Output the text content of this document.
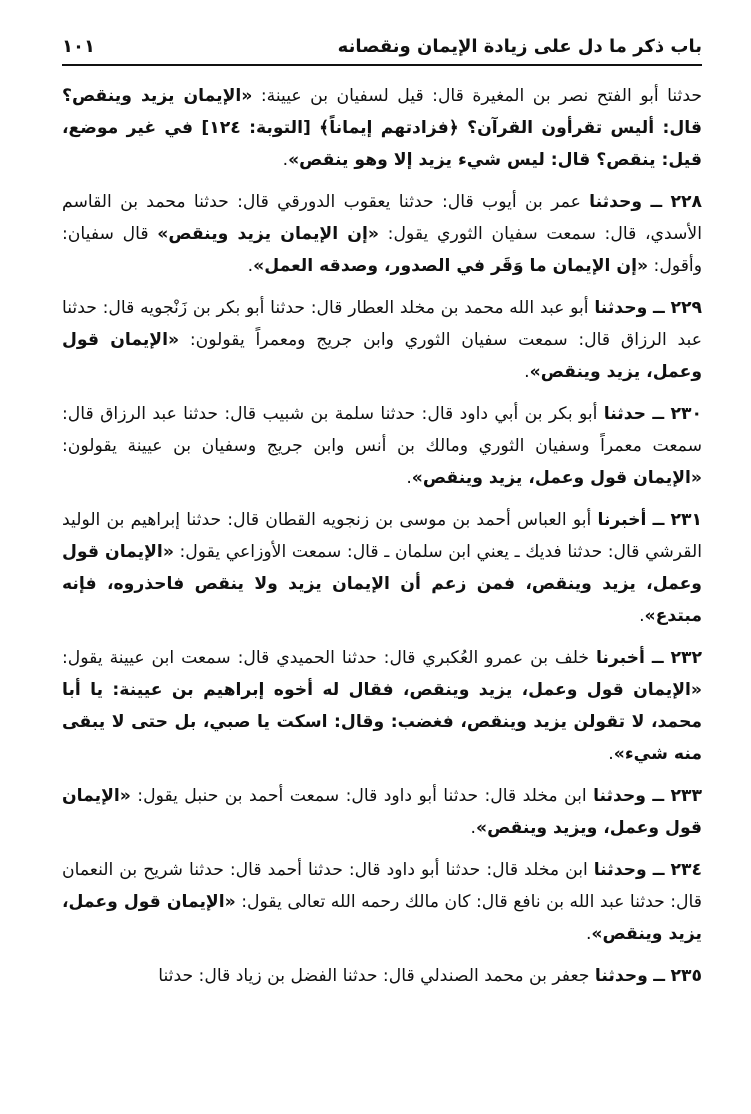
باب ذكر ما دل على زيادة الإيمان ونقصانه
١٠١

حدثنا أبو الفتح نصر بن المغيرة قال: قيل لسفيان بن عيينة: «الإيمان يزيد وينقص؟ قال: أليس تقرأون القرآن؟ ﴿فزادتهم إيماناً﴾ [التوبة: ١٢٤] في غير موضع، قيل: ينقص؟ قال: ليس شيء يزيد إلا وهو ينقص».

٢٢٨ ــ وحدثنا عمر بن أيوب قال: حدثنا يعقوب الدورقي قال: حدثنا محمد بن القاسم الأسدي، قال: سمعت سفيان الثوري يقول: «إن الإيمان يزيد وينقص» قال سفيان: وأقول: «إن الإيمان ما وَقَر في الصدور، وصدقه العمل».

٢٢٩ ــ وحدثنا أبو عبد الله محمد بن مخلد العطار قال: حدثنا أبو بكر بن زَنْجويه قال: حدثنا عبد الرزاق قال: سمعت سفيان الثوري وابن جريج ومعمراً يقولون: «الإيمان قول وعمل، يزيد وينقص».

٢٣٠ ــ حدثنا أبو بكر بن أبي داود قال: حدثنا سلمة بن شبيب قال: حدثنا عبد الرزاق قال: سمعت معمراً وسفيان الثوري ومالك بن أنس وابن جريج وسفيان بن عيينة يقولون: «الإيمان قول وعمل، يزيد وينقص».

٢٣١ ــ أخبرنا أبو العباس أحمد بن موسى بن زنجويه القطان قال: حدثنا إبراهيم بن الوليد القرشي قال: حدثنا فديك ـ يعني ابن سلمان ـ قال: سمعت الأوزاعي يقول: «الإيمان قول وعمل، يزيد وينقص، فمن زعم أن الإيمان يزيد ولا ينقص فاحذروه، فإنه مبتدع».

٢٣٢ ــ أخبرنا خلف بن عمرو العُكبري قال: حدثنا الحميدي قال: سمعت ابن عيينة يقول: «الإيمان قول وعمل، يزيد وينقص، فقال له أخوه إبراهيم بن عيينة: يا أبا محمد، لا تقولن يزيد وينقص، فغضب: وقال: اسكت يا صبي، بل حتى لا يبقى منه شيء».

٢٣٣ ــ وحدثنا ابن مخلد قال: حدثنا أبو داود قال: سمعت أحمد بن حنبل يقول: «الإيمان قول وعمل، ويزيد وينقص».

٢٣٤ ــ وحدثنا ابن مخلد قال: حدثنا أبو داود قال: حدثنا أحمد قال: حدثنا شريح بن النعمان قال: حدثنا عبد الله بن نافع قال: كان مالك رحمه الله تعالى يقول: «الإيمان قول وعمل، يزيد وينقص».

٢٣٥ ــ وحدثنا جعفر بن محمد الصندلي قال: حدثنا الفضل بن زياد قال: حدثنا
